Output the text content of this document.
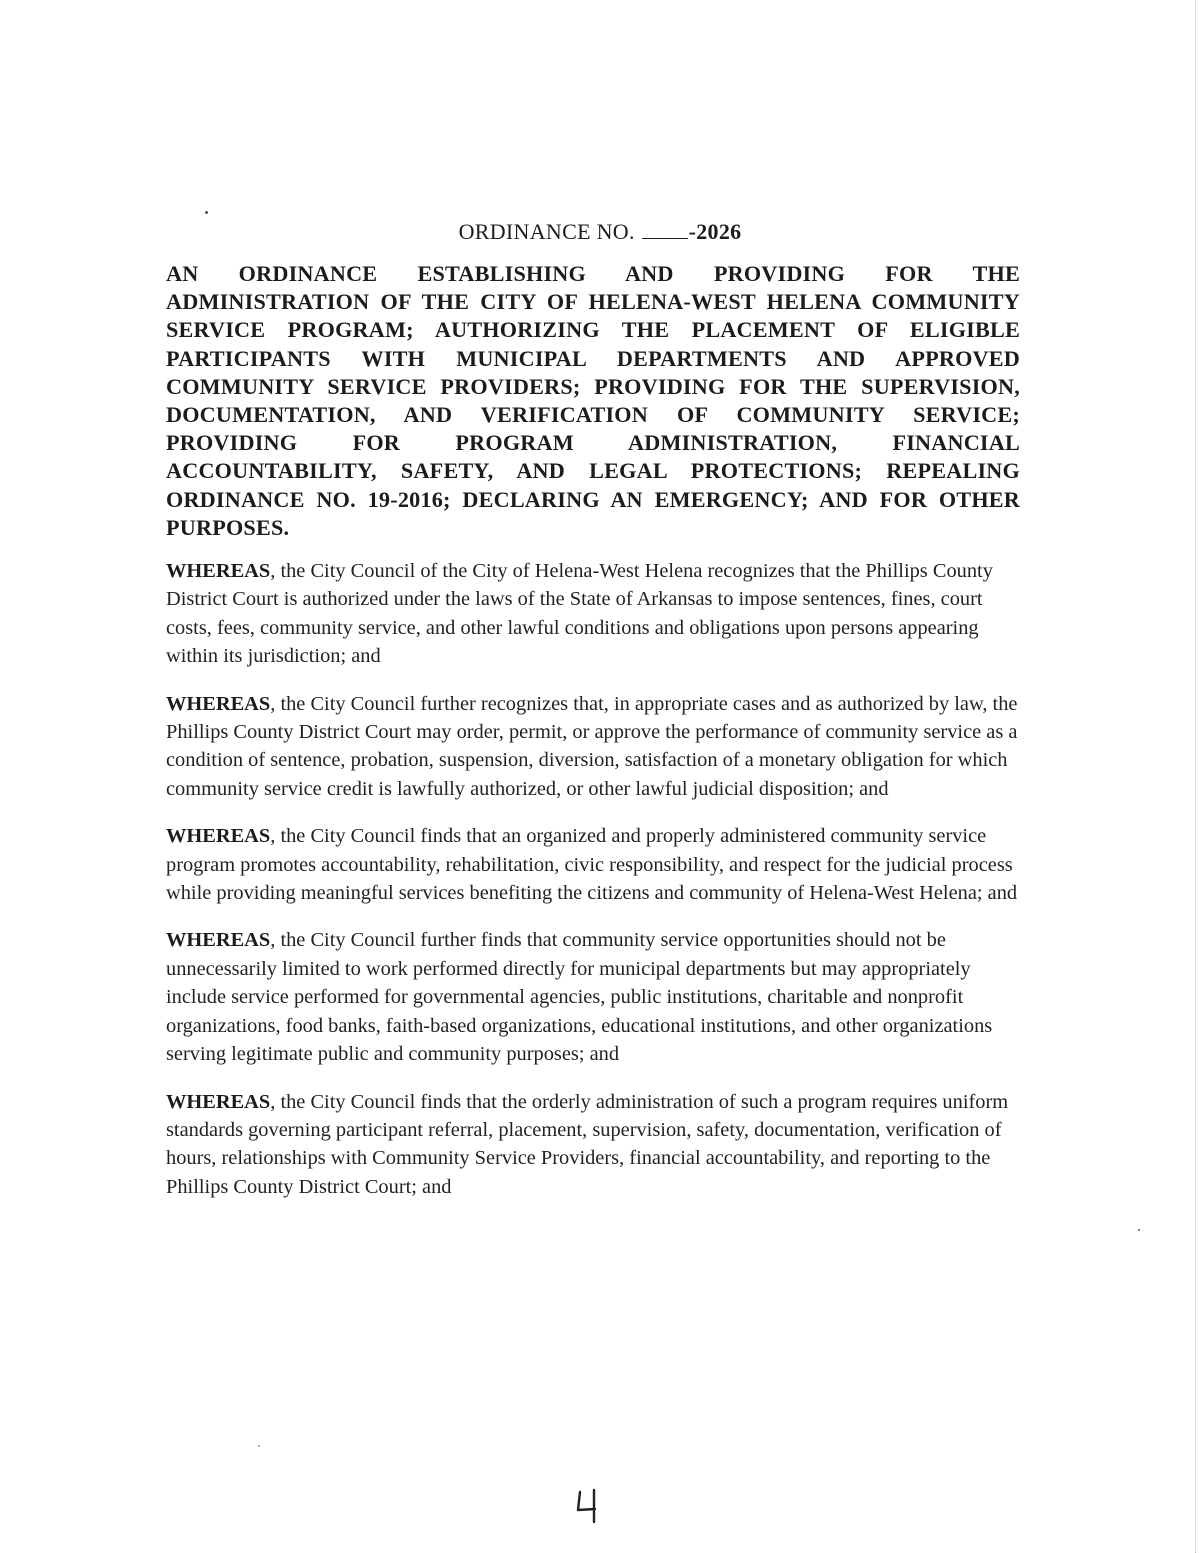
ORDINANCE NO. -2026

AN ORDINANCE ESTABLISHING AND PROVIDING FOR THE ADMINISTRATION OF THE CITY OF HELENA-WEST HELENA COMMUNITY SERVICE PROGRAM; AUTHORIZING THE PLACEMENT OF ELIGIBLE PARTICIPANTS WITH MUNICIPAL DEPARTMENTS AND APPROVED COMMUNITY SERVICE PROVIDERS; PROVIDING FOR THE SUPERVISION, DOCUMENTATION, AND VERIFICATION OF COMMUNITY SERVICE; PROVIDING FOR PROGRAM ADMINISTRATION, FINANCIAL ACCOUNTABILITY, SAFETY, AND LEGAL PROTECTIONS; REPEALING ORDINANCE NO. 19-2016; DECLARING AN EMERGENCY; AND FOR OTHER PURPOSES.

WHEREAS, the City Council of the City of Helena-West Helena recognizes that the Phillips County District Court is authorized under the laws of the State of Arkansas to impose sentences, fines, court costs, fees, community service, and other lawful conditions and obligations upon persons appearing within its jurisdiction; and

WHEREAS, the City Council further recognizes that, in appropriate cases and as authorized by law, the Phillips County District Court may order, permit, or approve the performance of community service as a condition of sentence, probation, suspension, diversion, satisfaction of a monetary obligation for which community service credit is lawfully authorized, or other lawful judicial disposition; and

WHEREAS, the City Council finds that an organized and properly administered community service program promotes accountability, rehabilitation, civic responsibility, and respect for the judicial process while providing meaningful services benefiting the citizens and community of Helena-West Helena; and

WHEREAS, the City Council further finds that community service opportunities should not be unnecessarily limited to work performed directly for municipal departments but may appropriately include service performed for governmental agencies, public institutions, charitable and nonprofit organizations, food banks, faith-based organizations, educational institutions, and other organizations serving legitimate public and community purposes; and

WHEREAS, the City Council finds that the orderly administration of such a program requires uniform standards governing participant referral, placement, supervision, safety, documentation, verification of hours, relationships with Community Service Providers, financial accountability, and reporting to the Phillips County District Court; and
